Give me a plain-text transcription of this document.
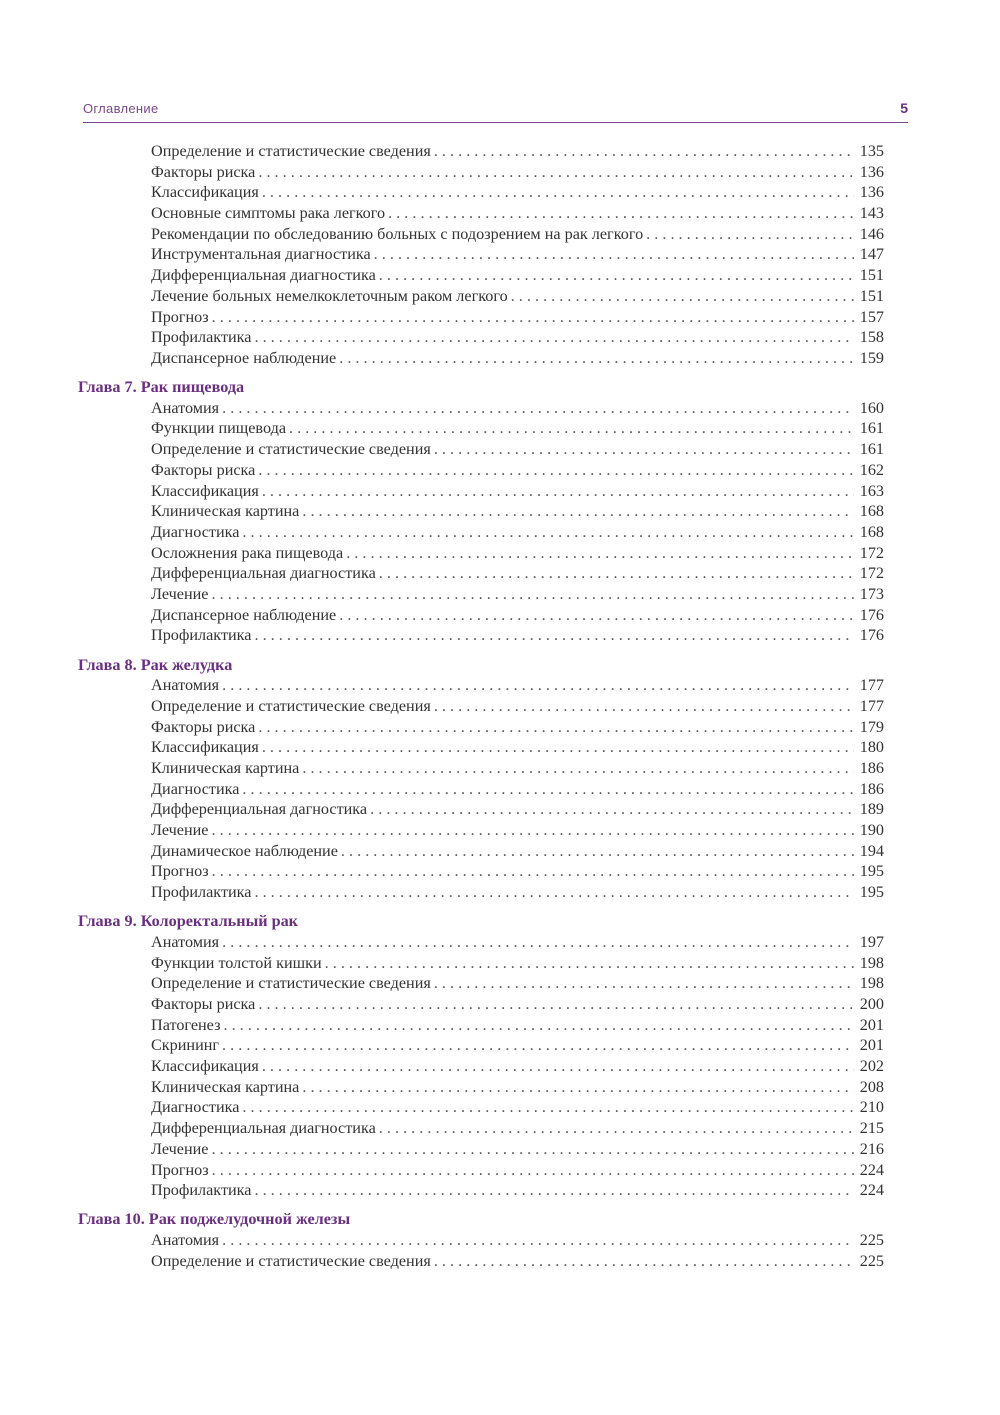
Оглавление	5
Определение и статистические сведения . . .	135
Факторы риска . . .	136
Классификация . . .	136
Основные симптомы рака легкого . . .	143
Рекомендации по обследованию больных с подозрением на рак легкого . . .	146
Инструментальная диагностика . . .	147
Дифференциальная диагностика . . .	151
Лечение больных немелкоклеточным раком легкого . . .	151
Прогноз . . .	157
Профилактика . . .	158
Диспансерное наблюдение . . .	159
Глава 7. Рак пищевода
Анатомия . . .	160
Функции пищевода . . .	161
Определение и статистические сведения . . .	161
Факторы риска . . .	162
Классификация . . .	163
Клиническая картина . . .	168
Диагностика . . .	168
Осложнения рака пищевода . . .	172
Дифференциальная диагностика . . .	172
Лечение . . .	173
Диспансерное наблюдение . . .	176
Профилактика . . .	176
Глава 8. Рак желудка
Анатомия . . .	177
Определение и статистические сведения . . .	177
Факторы риска . . .	179
Классификация . . .	180
Клиническая картина . . .	186
Диагностика . . .	186
Дифференциальная дагностика . . .	189
Лечение . . .	190
Динамическое наблюдение . . .	194
Прогноз . . .	195
Профилактика . . .	195
Глава 9. Колоректальный рак
Анатомия . . .	197
Функции толстой кишки . . .	198
Определение и статистические сведения . . .	198
Факторы риска . . .	200
Патогенез . . .	201
Скрининг . . .	201
Классификация . . .	202
Клиническая картина . . .	208
Диагностика . . .	210
Дифференциальная диагностика . . .	215
Лечение . . .	216
Прогноз . . .	224
Профилактика . . .	224
Глава 10. Рак поджелудочной железы
Анатомия . . .	225
Определение и статистические сведения . . .	225
